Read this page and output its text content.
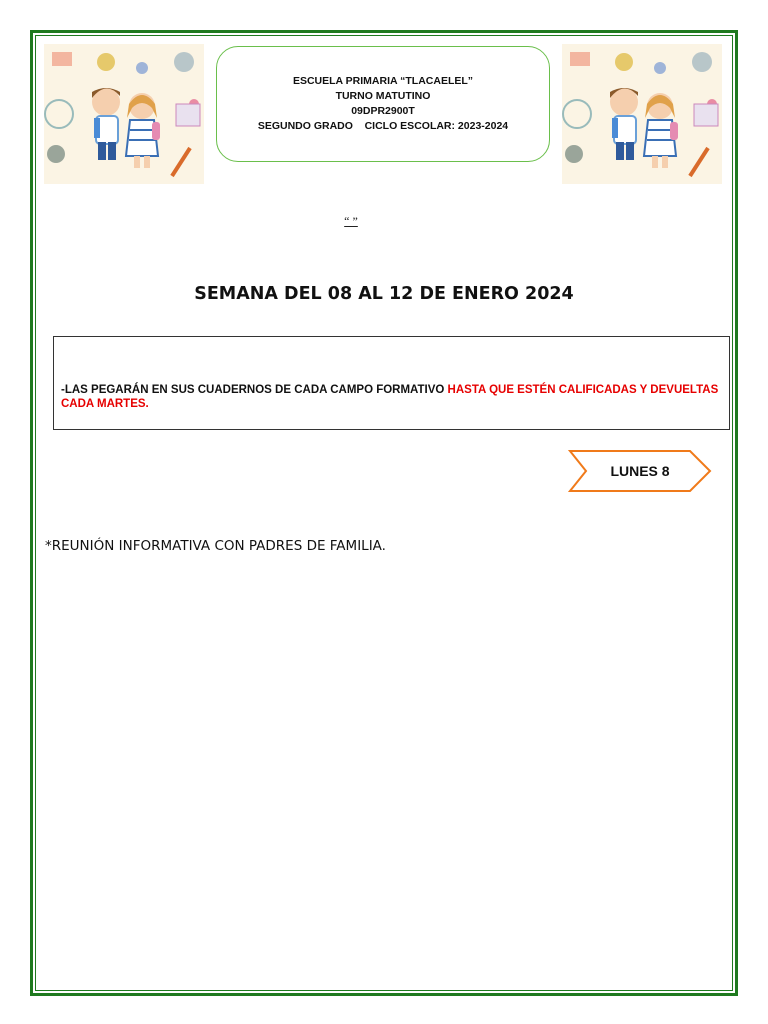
ESCUELA PRIMARIA “TLACAELEL”
TURNO MATUTINO
09DPR2900T
SEGUNDO GRADO    CICLO ESCOLAR: 2023-2024
“ ”
SEMANA DEL 08 AL 12 DE ENERO 2024
-LAS PEGARÁN EN SUS CUADERNOS DE CADA CAMPO FORMATIVO HASTA QUE ESTÉN CALIFICADAS Y DEVUELTAS CADA MARTES.
LUNES 8
*REUNIÓN INFORMATIVA CON PADRES DE FAMILIA.
